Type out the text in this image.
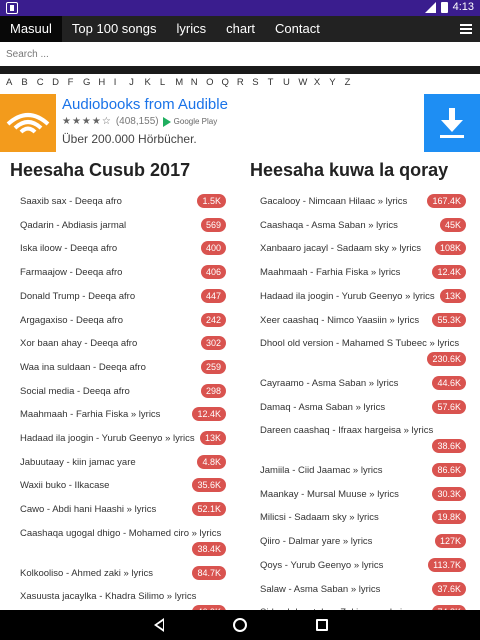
4:13
Masuul	Top 100 songs	lyrics	chart	Contact
Search ...
A B C D F	G H I	J	K L	M N O Q R S T	U W X Y Z
Audiobooks from Audible
★★★★☆ (408,155) Google Play
Über 200.000 Hörbücher.
Heesaha Cusub 2017	Heesaha kuwa la qoray
Saaxib sax - Deeqa afro	1.5K
Qadarin - Abdiasis jarmal	569
Iska iloow - Deeqa afro	400
Farmaajow - Deeqa afro	406
Donald Trump - Deeqa afro	447
Argagaxiso - Deeqa afro	242
Xor baan ahay - Deeqa afro	302
Waa ina suldaan - Deeqa afro	259
Social media - Deeqa afro	298
Maahmaah - Farhia Fiska » lyrics	12.4K
Hadaad ila joogin - Yurub Geenyo » lyrics	13K
Jabuutaay - kiin jamac yare	4.8K
Waxii buko - Ilkacase	35.6K
Cawo - Abdi hani Haashi » lyrics	52.1K
Caashaqa ugogal dhigo - Mohamed ciro » lyrics
38.4K
Kolkooliso - Ahmed zaki » lyrics	84.7K
Xasuusta jacaylka - Khadra Silimo » lyrics
Gacalooy - Nimcaan Hilaac » lyrics	167.4K
Caashaqa - Asma Saban » lyrics	45K
Xanbaaro jacayl - Sadaam sky » lyrics	108K
Maahmaah - Farhia Fiska » lyrics	12.4K
Hadaad ila joogin - Yurub Geenyo » lyrics	13K
Xeer caashaq - Nimco Yaasiin » lyrics	55.3K
Dhool old version - Mahamed S Tubeec » lyrics
230.6K
Cayraamo - Asma Saban » lyrics	44.6K
Damaq - Asma Saban » lyrics	57.6K
Dareen caashaq - Ifraax hargeisa » lyrics
38.6K
Jamiila - Ciid Jaamac » lyrics	86.6K
Maankay - Mursal Muuse » lyrics	30.3K
Milicsi - Sadaam sky » lyrics	19.8K
Qiiro - Dalmar yare » lyrics	127K
Qoys - Yurub Geenyo » lyrics	113.7K
Salaw - Asma Saban » lyrics	37.6K
